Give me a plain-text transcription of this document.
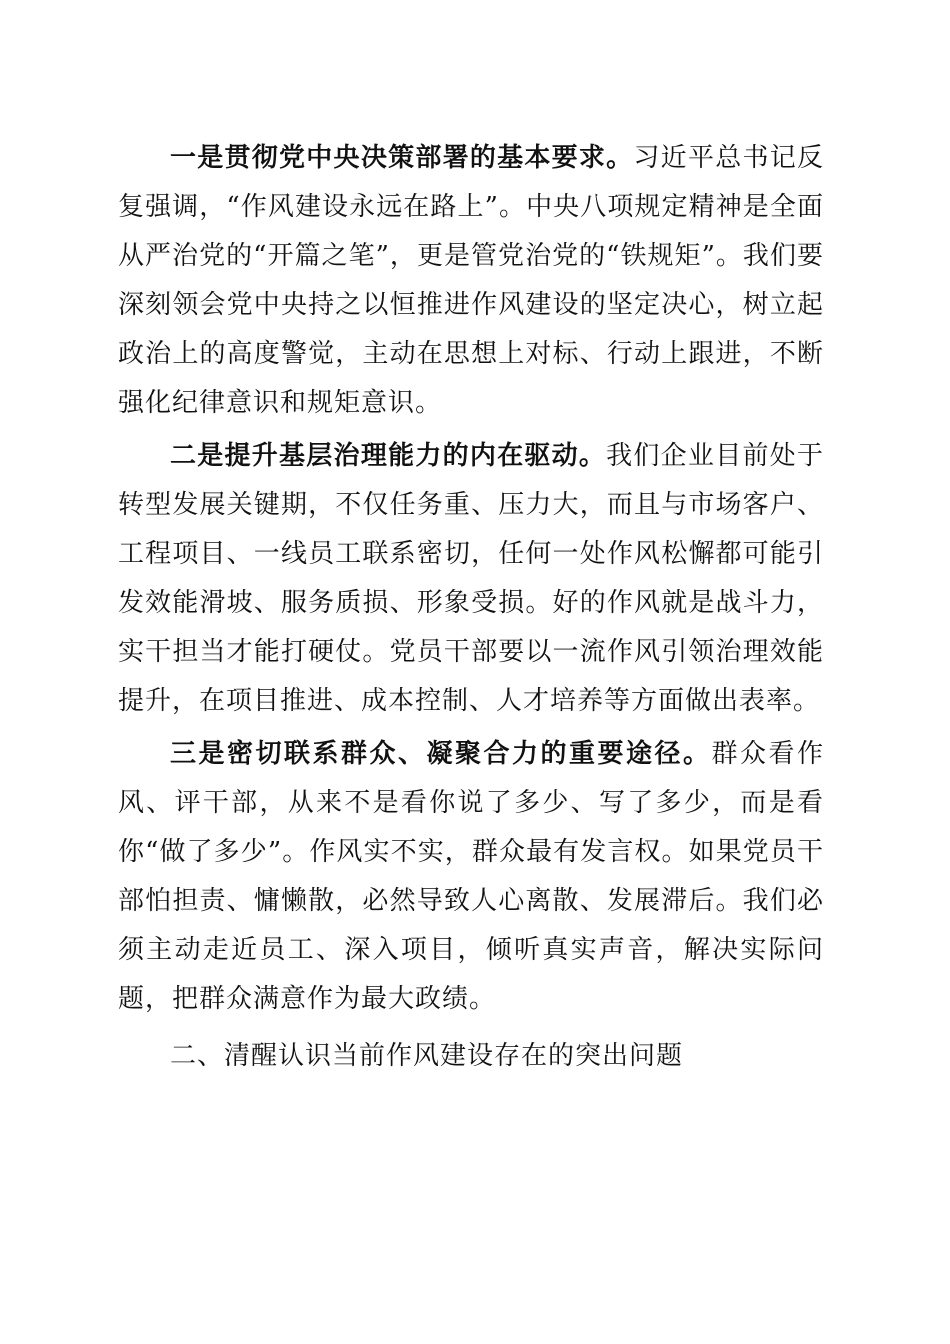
一是贯彻党中央决策部署的基本要求。习近平总书记反复强调，“作风建设永远在路上”。中央八项规定精神是全面从严治党的“开篇之笔”，更是管党治党的“铁规矩”。我们要深刻领会党中央持之以恒推进作风建设的坚定决心，树立起政治上的高度警觉，主动在思想上对标、行动上跟进，不断强化纪律意识和规矩意识。

二是提升基层治理能力的内在驱动。我们企业目前处于转型发展关键期，不仅任务重、压力大，而且与市场客户、工程项目、一线员工联系密切，任何一处作风松懈都可能引发效能滑坡、服务质损、形象受损。好的作风就是战斗力，实干担当才能打硬仗。党员干部要以一流作风引领治理效能提升，在项目推进、成本控制、人才培养等方面做出表率。

三是密切联系群众、凝聚合力的重要途径。群众看作风、评干部，从来不是看你说了多少、写了多少，而是看你“做了多少”。作风实不实，群众最有发言权。如果党员干部怕担责、慵懒散，必然导致人心离散、发展滞后。我们必须主动走近员工、深入项目，倾听真实声音，解决实际问题，把群众满意作为最大政绩。

二、清醒认识当前作风建设存在的突出问题
